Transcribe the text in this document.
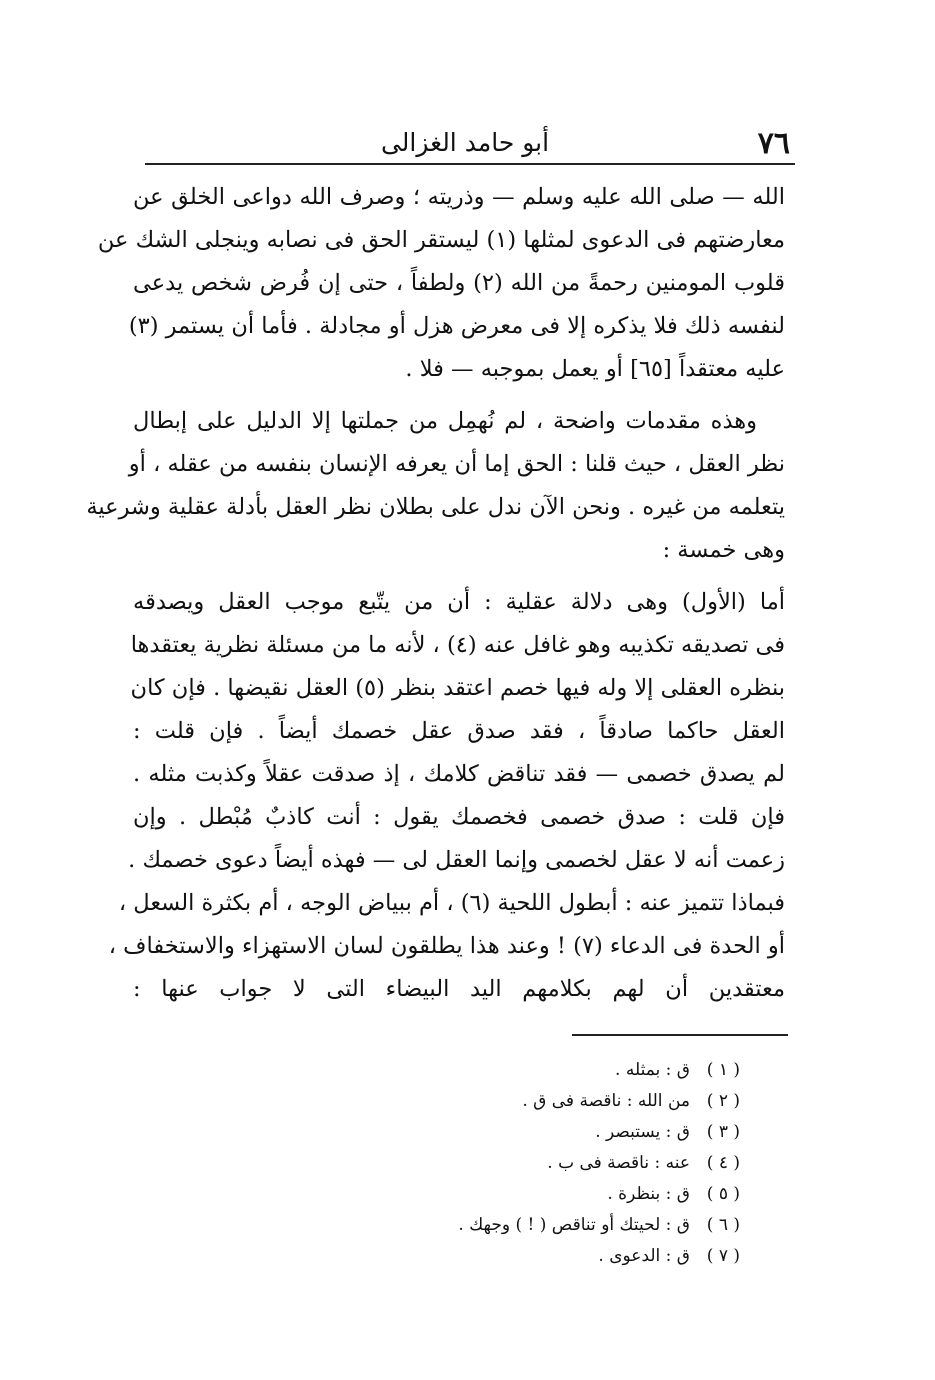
٧٦
أبو حامد الغزالى
الله — صلى الله عليه وسلم — وذريته ؛ وصرف الله دواعى الخلق عن
معارضتهم فى الدعوى لمثلها (١) ليستقر الحق فى نصابه وينجلى الشك عن
قلوب المومنين رحمةً من الله (٢) ولطفاً ، حتى إن فُرض شخص يدعى
لنفسه ذلك فلا يذكره إلا فى معرض هزل أو مجادلة . فأما أن يستمر (٣)
عليه معتقداً [٦٥] أو يعمل بموجبه — فلا .
وهذه مقدمات واضحة ، لم نُهمِل من جملتها إلا الدليل على إبطال
نظر العقل ، حيث قلنا : الحق إما أن يعرفه الإنسان بنفسه من عقله ، أو
يتعلمه من غيره . ونحن الآن ندل على بطلان نظر العقل بأدلة عقلية وشرعية
وهى خمسة :
أما (الأول) وهى دلالة عقلية : أن من يتّبع موجب العقل ويصدقه
فى تصديقه تكذيبه وهو غافل عنه (٤) ، لأنه ما من مسئلة نظرية يعتقدها
بنظره العقلى إلا وله فيها خصم اعتقد بنظر (٥) العقل نقيضها . فإن كان
العقل حاكما صادقاً ، فقد صدق عقل خصمك أيضاً . فإن قلت :
لم يصدق خصمى — فقد تناقض كلامك ، إذ صدقت عقلاً وكذبت مثله .
فإن قلت : صدق خصمى فخصمك يقول : أنت كاذبٌ مُبْطل . وإن
زعمت أنه لا عقل لخصمى وإنما العقل لى — فهذه أيضاً دعوى خصمك .
فبماذا تتميز عنه : أبطول اللحية (٦) ، أم ببياض الوجه ، أم بكثرة السعل ،
أو الحدة فى الدعاء (٧) ! وعند هذا يطلقون لسان الاستهزاء والاستخفاف ،
معتقدين أن لهم بكلامهم اليد البيضاء التى لا جواب عنها :
( ١ )ق : بمثله .
( ٢ )من الله : ناقصة فى ق .
( ٣ )ق : يستبصر .
( ٤ )عنه : ناقصة فى ب .
( ٥ )ق : بنظرة .
( ٦ )ق : لحيتك أو تناقص ( ! ) وجهك .
( ٧ )ق : الدعوى .
